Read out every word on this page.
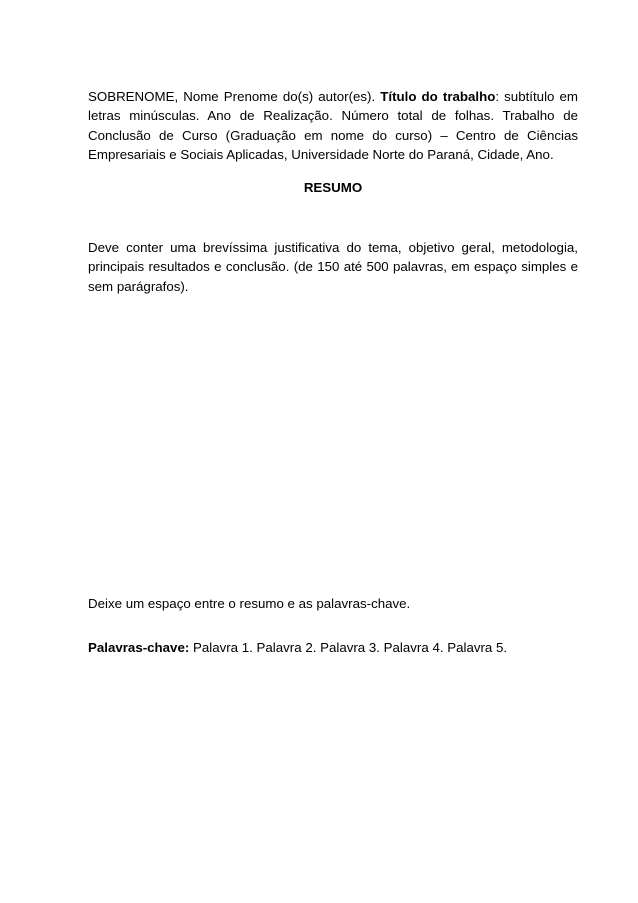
SOBRENOME, Nome Prenome do(s) autor(es). Título do trabalho: subtítulo em letras minúsculas. Ano de Realização. Número total de folhas. Trabalho de Conclusão de Curso (Graduação em nome do curso) – Centro de Ciências Empresariais e Sociais Aplicadas, Universidade Norte do Paraná, Cidade, Ano.
RESUMO
Deve conter uma brevíssima justificativa do tema, objetivo geral, metodologia, principais resultados e conclusão. (de 150 até 500 palavras, em espaço simples e sem parágrafos).
Deixe um espaço entre o resumo e as palavras-chave.
Palavras-chave: Palavra 1. Palavra 2. Palavra 3. Palavra 4. Palavra 5.
